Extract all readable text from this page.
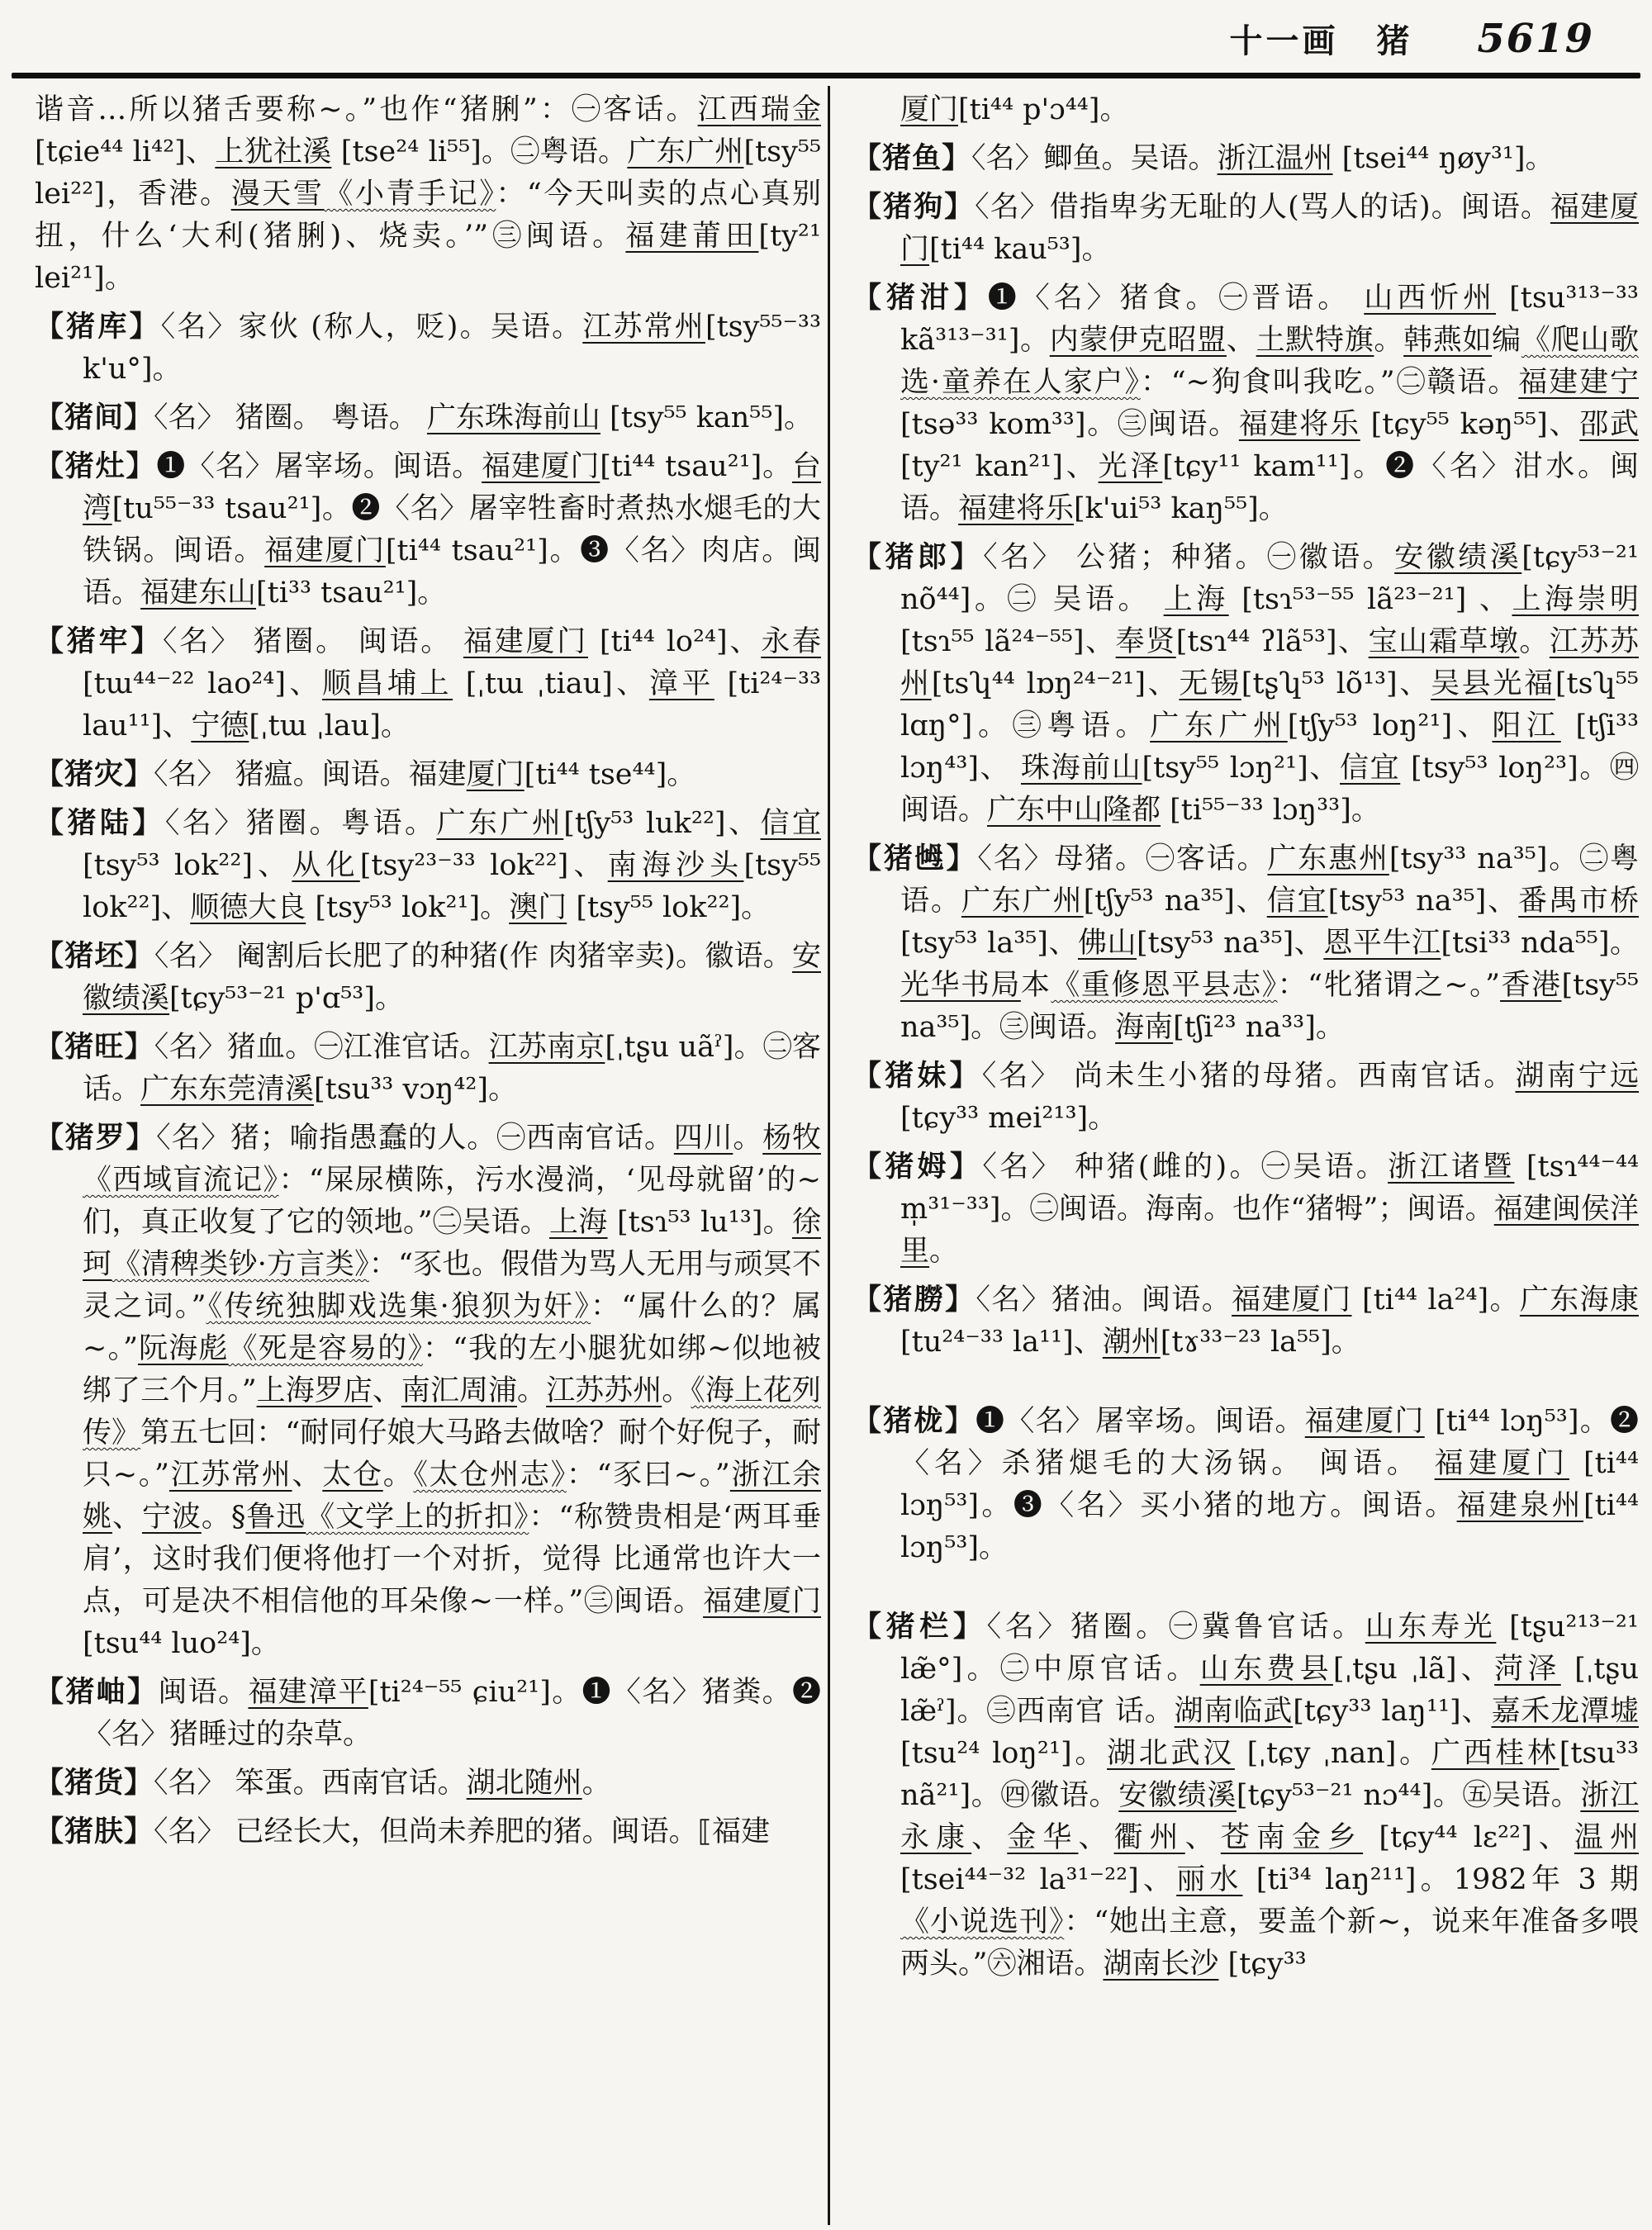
十一画 猪 5619

谐音…所以猪舌要称~。”也作“猪脷”：㊀客话。江西瑞金 [tɕie⁴⁴ li⁴²]、上犹社溪 [tse²⁴ li⁵⁵]。㊁粤语。广东广州[tsy⁵⁵ lei²²]，香港。漫天雪《小青手记》：“今天叫卖的点心真别扭，什么‘大利(猪脷)、烧卖。’”㊂闽语。福建莆田[ty²¹ lei²¹]。

【猪库】〈名〉家伙 (称人，贬)。吴语。江苏常州[tsy⁵⁵⁻³³ k'u°]。

【猪间】〈名〉 猪圈。 粤语。 广东珠海前山 [tsy⁵⁵ kan⁵⁵]。

【猪灶】❶〈名〉屠宰场。闽语。福建厦门[ti⁴⁴ tsau²¹]。台湾[tu⁵⁵⁻³³ tsau²¹]。❷〈名〉屠宰牲畜时煮热水煺毛的大铁锅。闽语。福建厦门[ti⁴⁴ tsau²¹]。❸〈名〉肉店。闽语。福建东山[ti³³ tsau²¹]。

【猪牢】〈名〉 猪圈。 闽语。 福建厦门 [ti⁴⁴ lo²⁴]、永春 [tɯ⁴⁴⁻²² lao²⁴]、顺昌埔上 [ˌtɯ ˌtiau]、漳平 [ti²⁴⁻³³ lau¹¹]、宁德[ˌtɯ ˌlau]。

【猪灾】〈名〉 猪瘟。闽语。福建厦门[ti⁴⁴ tse⁴⁴]。

【猪陆】〈名〉猪圈。粤语。广东广州[tʃy⁵³ luk²²]、信宜[tsy⁵³ lok²²]、从化[tsy²³⁻³³ lok²²]、南海沙头[tsy⁵⁵ lok²²]、顺德大良 [tsy⁵³ lok²¹]。澳门 [tsy⁵⁵ lok²²]。

【猪坯】〈名〉 阉割后长肥了的种猪(作 肉猪宰卖)。徽语。安徽绩溪[tɕy⁵³⁻²¹ p'ɑ⁵³]。

【猪旺】〈名〉猪血。㊀江淮官话。江苏南京[ˌtʂu uãˀ]。㊁客话。广东东莞清溪[tsu³³ vɔŋ⁴²]。

【猪罗】〈名〉猪；喻指愚蠢的人。㊀西南官话。四川。杨牧《西域盲流记》：“屎尿横陈，污水漫淌，‘见母就留’的~们，真正收复了它的领地。”㊁吴语。上海 [tsɿ⁵³ lu¹³]。徐珂《清稗类钞·方言类》：“豕也。假借为骂人无用与顽冥不灵之词。”《传统独脚戏选集·狼狈为奸》：“属什么的？属~。”阮海彪《死是容易的》：“我的左小腿犹如绑~似地被绑了三个月。”上海罗店、南汇周浦。江苏苏州。《海上花列传》第五七回：“耐同仔娘大马路去做啥？耐个好倪子，耐只~。”江苏常州、太仓。《太仓州志》：“豕曰~。”浙江余姚、宁波。§鲁迅《文学上的折扣》：“称赞贵相是‘两耳垂肩’，这时我们便将他打一个对折，觉得 比通常也许大一点，可是决不相信他的耳朵像~一样。”㊂闽语。福建厦门[tsu⁴⁴ luo²⁴]。

【猪岫】闽语。福建漳平[ti²⁴⁻⁵⁵ ɕiu²¹]。❶〈名〉猪粪。❷〈名〉猪睡过的杂草。

【猪货】〈名〉 笨蛋。西南官话。湖北随州。

【猪肤】〈名〉 已经长大，但尚未养肥的猪。闽语。⟦福建

厦门[ti⁴⁴ p'ɔ⁴⁴]。

【猪鱼】〈名〉鲫鱼。吴语。浙江温州 [tsei⁴⁴ ŋøy³¹]。

【猪狗】〈名〉借指卑劣无耻的人(骂人的话)。闽语。福建厦门[ti⁴⁴ kau⁵³]。

【猪泔】❶〈名〉猪食。㊀晋语。 山西忻州 [tsu³¹³⁻³³ kã³¹³⁻³¹]。内蒙伊克昭盟、土默特旗。韩燕如编《爬山歌选·童养在人家户》：“~狗食叫我吃。”㊁赣语。福建建宁 [tsə³³ kom³³]。㊂闽语。福建将乐 [tɕy⁵⁵ kəŋ⁵⁵]、邵武 [ty²¹ kan²¹]、光泽[tɕy¹¹ kam¹¹]。❷〈名〉泔水。闽语。福建将乐[k'ui⁵³ kaŋ⁵⁵]。

【猪郎】〈名〉 公猪；种猪。㊀徽语。安徽绩溪[tɕy⁵³⁻²¹ nõ⁴⁴]。㊁ 吴语。 上海 [tsɿ⁵³⁻⁵⁵ lã²³⁻²¹] 、上海崇明[tsɿ⁵⁵ lã²⁴⁻⁵⁵]、奉贤[tsɿ⁴⁴ ʔlã⁵³]、宝山霜草墩。江苏苏州[tsʮ⁴⁴ lɒŋ²⁴⁻²¹]、无锡[tʂʮ⁵³ lõ¹³]、吴县光福[tsʮ⁵⁵ lɑŋ°]。㊂粤语。广东广州[tʃy⁵³ loŋ²¹]、阳江 [tʃi³³ lɔŋ⁴³]、 珠海前山[tsy⁵⁵ lɔŋ²¹]、信宜 [tsy⁵³ loŋ²³]。㊃闽语。广东中山隆都 [ti⁵⁵⁻³³ lɔŋ³³]。

【猪乸】〈名〉母猪。㊀客话。广东惠州[tsy³³ na³⁵]。㊁粤语。广东广州[tʃy⁵³ na³⁵]、信宜[tsy⁵³ na³⁵]、番禺市桥[tsy⁵³ la³⁵]、佛山[tsy⁵³ na³⁵]、恩平牛江[tsi³³ nda⁵⁵]。光华书局本《重修恩平县志》：“牝猪谓之~。”香港[tsy⁵⁵ na³⁵]。㊂闽语。海南[tʃi²³ na³³]。

【猪妹】〈名〉 尚未生小猪的母猪。西南官话。湖南宁远[tɕy³³ mei²¹³]。

【猪姆】〈名〉 种猪(雌的)。㊀吴语。浙江诸暨 [tsɿ⁴⁴⁻⁴⁴ m̩³¹⁻³³]。㊁闽语。海南。也作“猪牳”；闽语。福建闽侯洋里。

【猪朥】〈名〉猪油。闽语。福建厦门 [ti⁴⁴ la²⁴]。广东海康[tu²⁴⁻³³ la¹¹]、潮州[tɤ³³⁻²³ la⁵⁵]。

【猪栊】❶〈名〉屠宰场。闽语。福建厦门 [ti⁴⁴ lɔŋ⁵³]。❷ 〈名〉杀猪煺毛的大汤锅。 闽语。 福建厦门 [ti⁴⁴ lɔŋ⁵³]。❸〈名〉买小猪的地方。闽语。福建泉州[ti⁴⁴ lɔŋ⁵³]。

【猪栏】〈名〉猪圈。㊀冀鲁官话。山东寿光 [tʂu²¹³⁻²¹ læ̃°]。㊁中原官话。山东费县[ˌtʂu ˌlã]、菏泽 [ˌtʂu læ̃ˀ]。㊂西南官 话。湖南临武[tɕy³³ laŋ¹¹]、嘉禾龙潭墟[tsu²⁴ loŋ²¹]。湖北武汉 [ˌtɕy ˌnan]。广西桂林[tsu³³ nã²¹]。㊃徽语。安徽绩溪[tɕy⁵³⁻²¹ nɔ⁴⁴]。㊄吴语。浙江永康、金华、衢州、苍南金乡 [tɕy⁴⁴ lɛ²²]、温州[tsei⁴⁴⁻³² la³¹⁻²²]、丽水 [ti³⁴ laŋ²¹¹]。1982年 3 期《小说选刊》：“她出主意，要盖个新~，说来年准备多喂两头。”㊅湘语。湖南长沙 [tɕy³³
